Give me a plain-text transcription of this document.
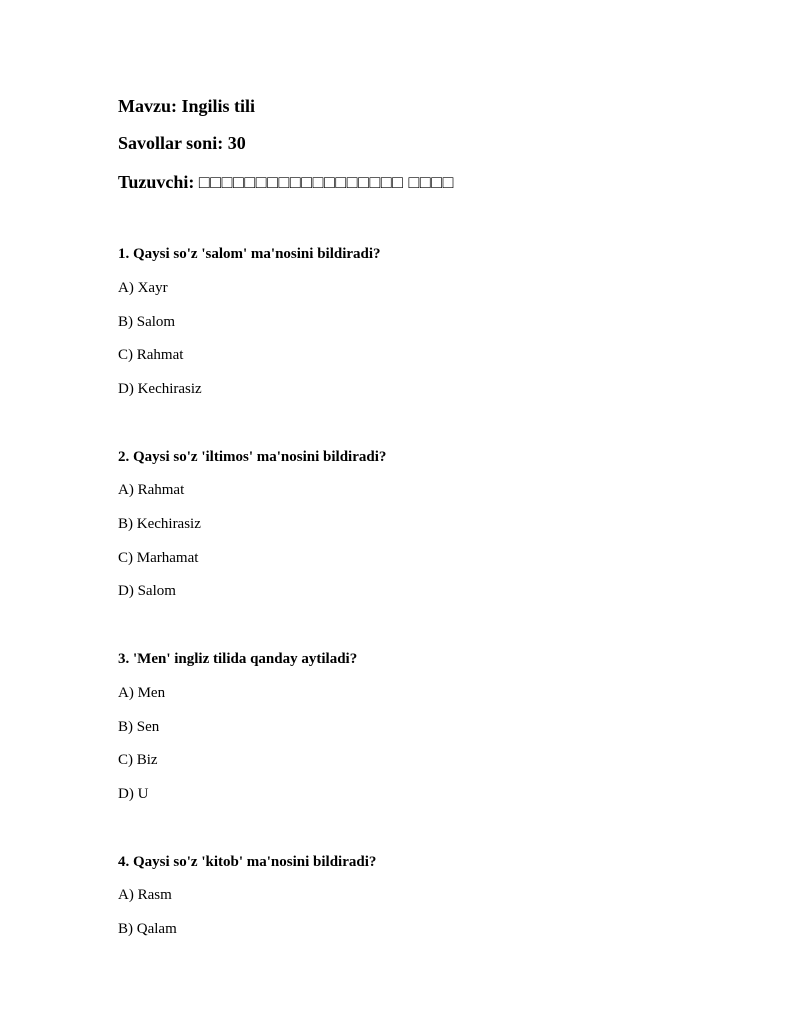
Mavzu: Ingilis tili
Savollar soni: 30
Tuzuvchi: □□□□□□□□□□□□□□□□□□ □□□□
1. Qaysi so'z 'salom' ma'nosini bildiradi?
A) Xayr
B) Salom
C) Rahmat
D) Kechirasiz
2. Qaysi so'z 'iltimos' ma'nosini bildiradi?
A) Rahmat
B) Kechirasiz
C) Marhamat
D) Salom
3. 'Men' ingliz tilida qanday aytiladi?
A) Men
B) Sen
C) Biz
D) U
4. Qaysi so'z 'kitob' ma'nosini bildiradi?
A) Rasm
B) Qalam
